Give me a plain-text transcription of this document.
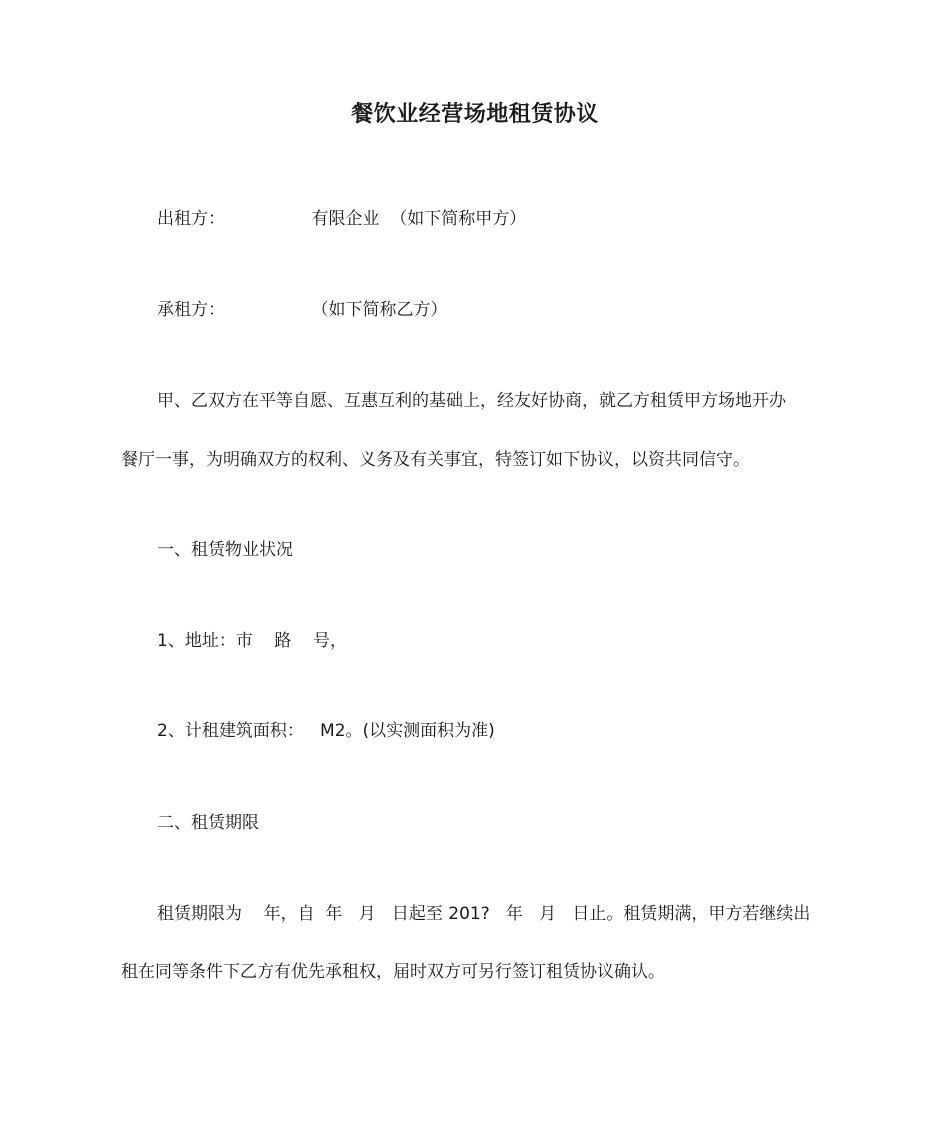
餐饮业经营场地租赁协议

出租方：                有限企业  （如下简称甲方）

承租方：                （如下简称乙方）

甲、乙双方在平等自愿、互惠互利的基础上，经友好协商，就乙方租赁甲方场地开办

餐厅一事，为明确双方的权利、义务及有关事宜，特签订如下协议，以资共同信守。

一、租赁物业状况

1、地址：市    路    号，

2、计租建筑面积：   M2。(以实测面积为准)

二、租赁期限

租赁期限为    年，自  年   月   日起至 201?   年   月   日止。租赁期满，甲方若继续出

租在同等条件下乙方有优先承租权，届时双方可另行签订租赁协议确认。
